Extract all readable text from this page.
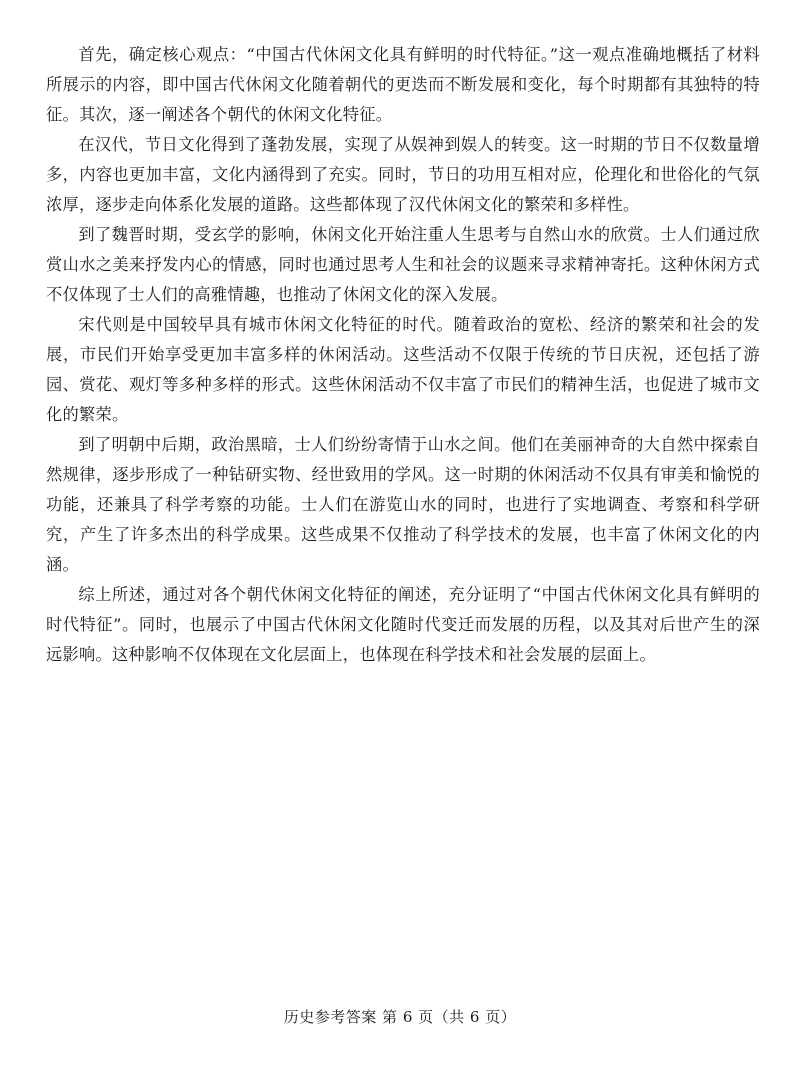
首先，确定核心观点：“中国古代休闲文化具有鲜明的时代特征。”这一观点准确地概括了材料所展示的内容，即中国古代休闲文化随着朝代的更迭而不断发展和变化，每个时期都有其独特的特征。其次，逐一阐述各个朝代的休闲文化特征。

在汉代，节日文化得到了蓬勃发展，实现了从娱神到娱人的转变。这一时期的节日不仅数量增多，内容也更加丰富，文化内涵得到了充实。同时，节日的功用互相对应，伦理化和世俗化的气氛浓厚，逐步走向体系化发展的道路。这些都体现了汉代休闲文化的繁荣和多样性。

到了魏晋时期，受玄学的影响，休闲文化开始注重人生思考与自然山水的欣赏。士人们通过欣赏山水之美来抒发内心的情感，同时也通过思考人生和社会的议题来寻求精神寄托。这种休闲方式不仅体现了士人们的高雅情趣，也推动了休闲文化的深入发展。

宋代则是中国较早具有城市休闲文化特征的时代。随着政治的宽松、经济的繁荣和社会的发展，市民们开始享受更加丰富多样的休闲活动。这些活动不仅限于传统的节日庆祝，还包括了游园、赏花、观灯等多种多样的形式。这些休闲活动不仅丰富了市民们的精神生活，也促进了城市文化的繁荣。

到了明朝中后期，政治黑暗，士人们纷纷寄情于山水之间。他们在美丽神奇的大自然中探索自然规律，逐步形成了一种钻研实物、经世致用的学风。这一时期的休闲活动不仅具有审美和愉悦的功能，还兼具了科学考察的功能。士人们在游览山水的同时，也进行了实地调查、考察和科学研究，产生了许多杰出的科学成果。这些成果不仅推动了科学技术的发展，也丰富了休闲文化的内涵。

综上所述，通过对各个朝代休闲文化特征的阐述，充分证明了“中国古代休闲文化具有鲜明的时代特征”。同时，也展示了中国古代休闲文化随时代变迁而发展的历程，以及其对后世产生的深远影响。这种影响不仅体现在文化层面上，也体现在科学技术和社会发展的层面上。

历史参考答案 第 6 页（共 6 页）
